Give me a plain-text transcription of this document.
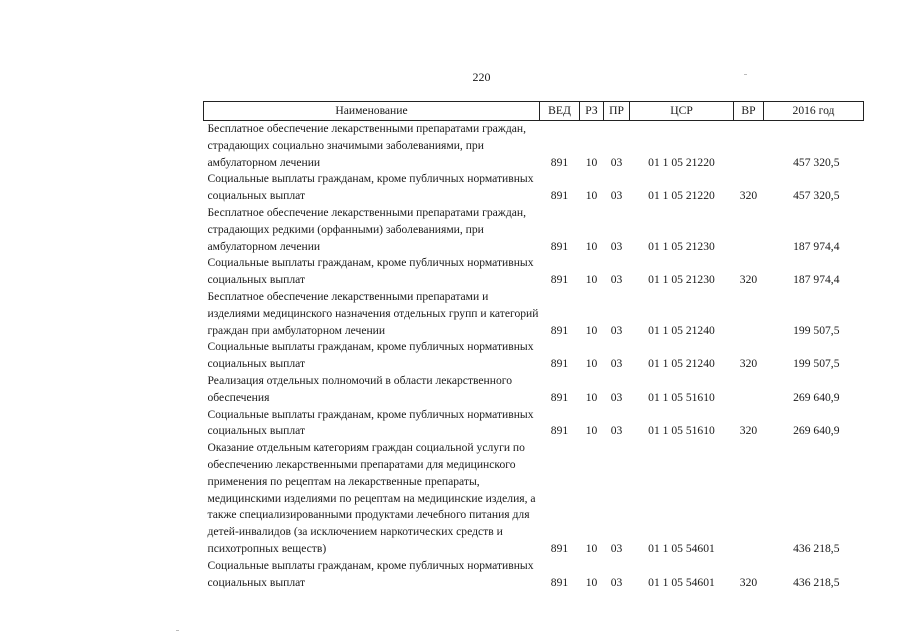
220
Наименование	ВЕД	РЗ	ПР	ЦСР	ВР	2016 год
Бесплатное обеспечение лекарственными препаратами граждан, страдающих социально значимыми заболеваниями, при амбулаторном лечении	891	10	03	01 1 05 21220		457 320,5
Социальные выплаты гражданам, кроме публичных нормативных социальных выплат	891	10	03	01 1 05 21220	320	457 320,5
Бесплатное обеспечение лекарственными препаратами граждан, страдающих редкими (орфанными) заболеваниями, при амбулаторном лечении	891	10	03	01 1 05 21230		187 974,4
Социальные выплаты гражданам, кроме публичных нормативных социальных выплат	891	10	03	01 1 05 21230	320	187 974,4
Бесплатное обеспечение лекарственными препаратами и изделиями медицинского назначения отдельных групп и категорий граждан при амбулаторном лечении	891	10	03	01 1 05 21240		199 507,5
Социальные выплаты гражданам, кроме публичных нормативных социальных выплат	891	10	03	01 1 05 21240	320	199 507,5
Реализация отдельных полномочий в области лекарственного обеспечения	891	10	03	01 1 05 51610		269 640,9
Социальные выплаты гражданам, кроме публичных нормативных социальных выплат	891	10	03	01 1 05 51610	320	269 640,9
Оказание отдельным категориям граждан социальной услуги по обеспечению лекарственными препаратами для медицинского применения по рецептам на лекарственные препараты, медицинскими изделиями по рецептам на медицинские изделия, а также специализированными продуктами лечебного питания для детей-инвалидов (за исключением наркотических средств и психотропных веществ)	891	10	03	01 1 05 54601		436 218,5
Социальные выплаты гражданам, кроме публичных нормативных социальных выплат	891	10	03	01 1 05 54601	320	436 218,5
